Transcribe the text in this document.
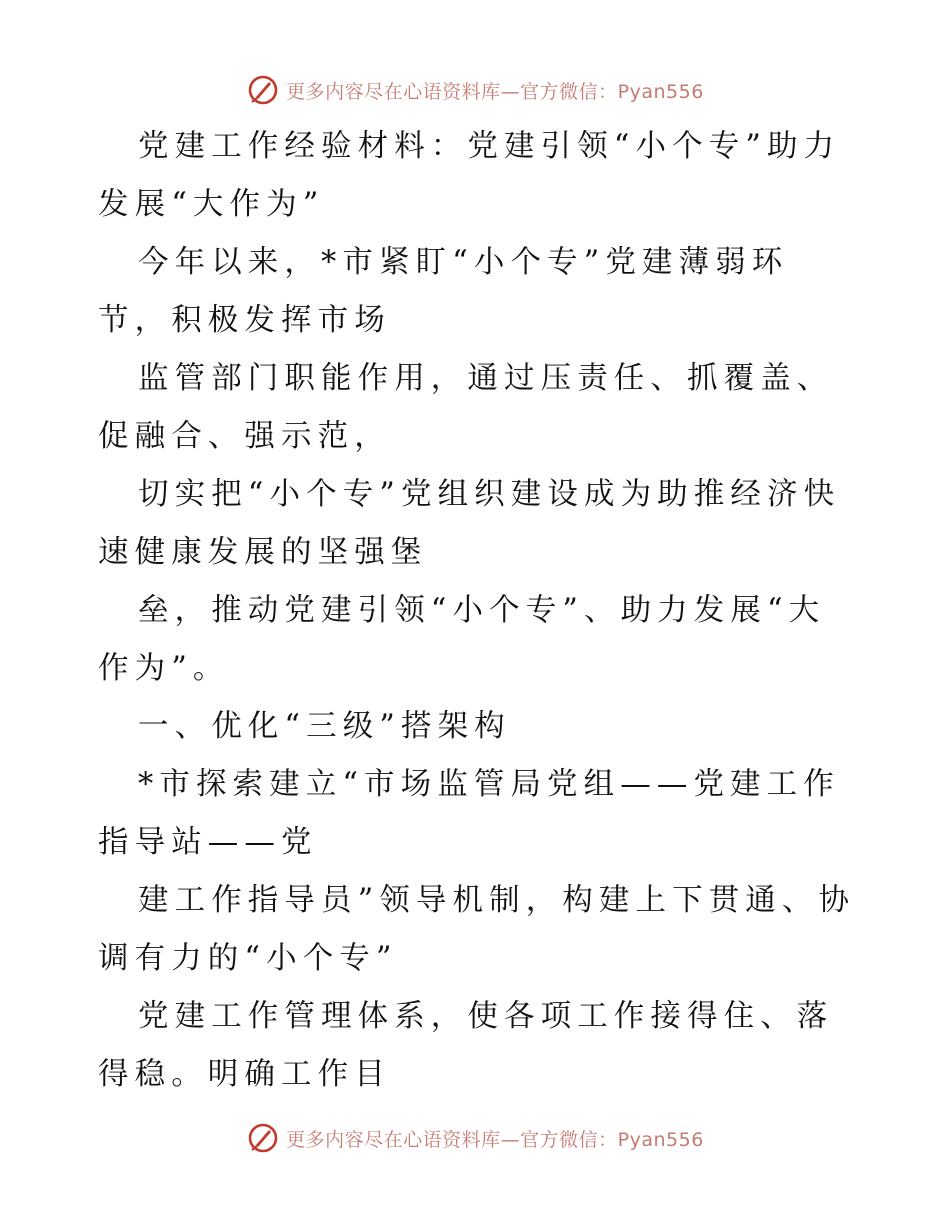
更多内容尽在心语资料库—官方微信：Pyan556

党建工作经验材料：党建引领“小个专”助力发展“大作为”

今年以来，*市紧盯“小个专”党建薄弱环节，积极发挥市场

监管部门职能作用，通过压责任、抓覆盖、促融合、强示范，

切实把“小个专”党组织建设成为助推经济快速健康发展的坚强堡

垒，推动党建引领“小个专”、助力发展“大作为”。

一、优化“三级”搭架构

*市探索建立“市场监管局党组——党建工作指导站——党

建工作指导员”领导机制，构建上下贯通、协调有力的“小个专”

党建工作管理体系，使各项工作接得住、落得稳。明确工作目

更多内容尽在心语资料库—官方微信：Pyan556
